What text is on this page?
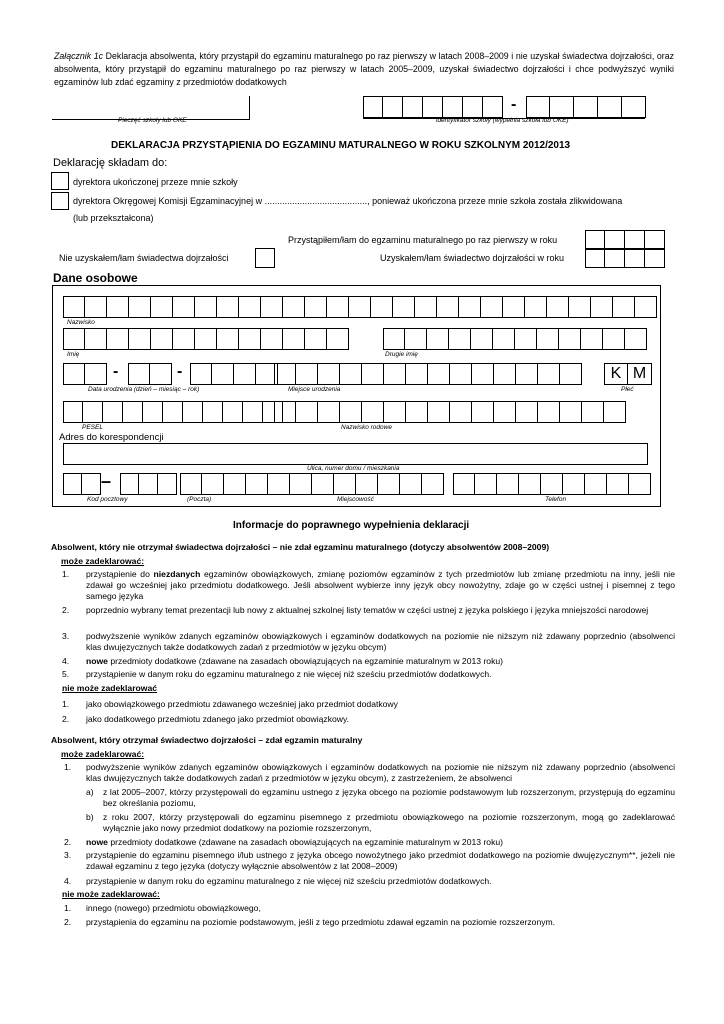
Załącznik 1c Deklaracja absolwenta, który przystąpił do egzaminu maturalnego po raz pierwszy w latach 2008–2009 i nie uzyskał świadectwa dojrzałości, oraz absolwenta, który przystąpił do egzaminu maturalnego po raz pierwszy w latach 2005–2009, uzyskał świadectwo dojrzałości i chce podwyższyć wyniki egzaminów lub zdać egzaminy z przedmiotów dodatkowych
Pieczęć szkoły lub OKE
-
identyfikator szkoły (wypełnia szkoła lub OKE)
DEKLARACJA PRZYSTĄPIENIA DO EGZAMINU MATURALNEGO W ROKU SZKOLNYM 2012/2013
Deklarację składam do:
dyrektora ukończonej przeze mnie szkoły
dyrektora Okręgowej Komisji Egzaminacyjnej w ........................................., ponieważ ukończona przeze mnie szkoła została zlikwidowana
(lub przekształcona)
Przystąpiłem/łam do egzaminu maturalnego po raz pierwszy w roku
Nie uzyskałem/łam świadectwa dojrzałości	Uzyskałem/łam świadectwo dojrzałości w roku
Dane osobowe
Nazwisko
Imię	Drugie imię
-	-
Data urodzenia (dzień – miesiąc – rok)	Miejsce urodzenia
K M
Płeć
PESEL	Nazwisko rodowe
Adres do korespondencji
Ulica, numer domu / mieszkania
–
Kod pocztowy	(Poczta)	Miejscowość	Telefon
Informacje do poprawnego wypełnienia deklaracji
Absolwent, który nie otrzymał świadectwa dojrzałości – nie zdał egzaminu maturalnego (dotyczy absolwentów 2008–2009)
może zadeklarować:
1. przystąpienie do niezdanych egzaminów obowiązkowych, zmianę poziomów egzaminów z tych przedmiotów lub zmianę przedmiotu na inny, jeśli nie zdawał go wcześniej jako przedmiotu dodatkowego. Jeśli absolwent wybierze inny język obcy nowożytny, zdaje go w części ustnej i pisemnej z tego samego języka
2. poprzednio wybrany temat prezentacji lub nowy z aktualnej szkolnej listy tematów w części ustnej z języka polskiego i języka mniejszości narodowej
3. podwyższenie wyników zdanych egzaminów obowiązkowych i egzaminów dodatkowych na poziomie nie niższym niż zdawany poprzednio (absolwenci klas dwujęzycznych także dodatkowych zadań z przedmiotów w języku obcym)
4. nowe przedmioty dodatkowe (zdawane na zasadach obowiązujących na egzaminie maturalnym w 2013 roku)
5. przystąpienie w danym roku do egzaminu maturalnego z nie więcej niż sześciu przedmiotów dodatkowych.
nie może zadeklarować
1. jako obowiązkowego przedmiotu zdawanego wcześniej jako przedmiot dodatkowy
2. jako dodatkowego przedmiotu zdanego jako przedmiot obowiązkowy.
Absolwent, który otrzymał świadectwo dojrzałości – zdał egzamin maturalny
może zadeklarować:
1. podwyższenie wyników zdanych egzaminów obowiązkowych i egzaminów dodatkowych na poziomie nie niższym niż zdawany poprzednio (absolwenci klas dwujęzycznych także dodatkowych zadań z przedmiotów w języku obcym), z zastrzeżeniem, że absolwenci
a) z lat 2005–2007, którzy przystępowali do egzaminu ustnego z języka obcego na poziomie podstawowym lub rozszerzonym, przystępują do egzaminu bez określania poziomu,
b) z roku 2007, którzy przystępowali do egzaminu pisemnego z przedmiotu obowiązkowego na poziomie rozszerzonym, mogą go zadeklarować wyłącznie jako nowy przedmiot dodatkowy na poziomie rozszerzonym,
2. nowe przedmioty dodatkowe (zdawane na zasadach obowiązujących na egzaminie maturalnym w 2013 roku)
3. przystąpienie do egzaminu pisemnego i/lub ustnego z języka obcego nowożytnego jako przedmiot dodatkowego na poziomie dwujęzycznym**, jeżeli nie zdawał egzaminu z tego języka (dotyczy wyłącznie absolwentów z lat 2008–2009)
4. przystąpienie w danym roku do egzaminu maturalnego z nie więcej niż sześciu przedmiotów dodatkowych.
nie może zadeklarować:
1. innego (nowego) przedmiotu obowiązkowego,
2. przystąpienia do egzaminu na poziomie podstawowym, jeśli z tego przedmiotu zdawał egzamin na poziomie rozszerzonym.
